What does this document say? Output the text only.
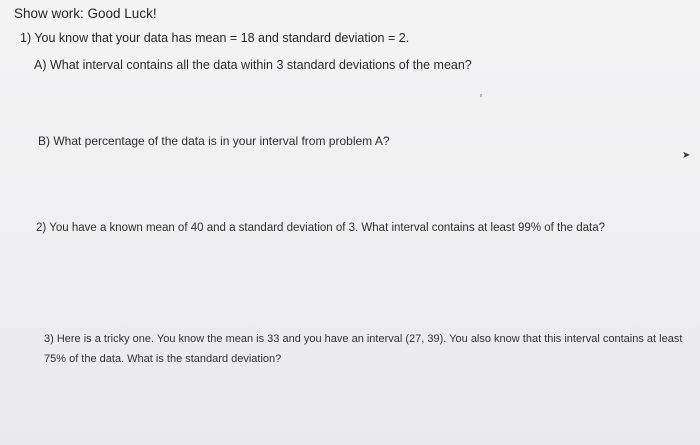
Show work: Good Luck!
1) You know that your data has mean = 18 and standard deviation = 2.
A) What interval contains all the data within 3 standard deviations of the mean?
B) What percentage of the data is in your interval from problem A?
➤
2) You have a known mean of 40 and a standard deviation of 3. What interval contains at least 99% of the data?
3) Here is a tricky one. You know the mean is 33 and you have an interval (27, 39). You also know that this interval contains at least
75% of the data. What is the standard deviation?
